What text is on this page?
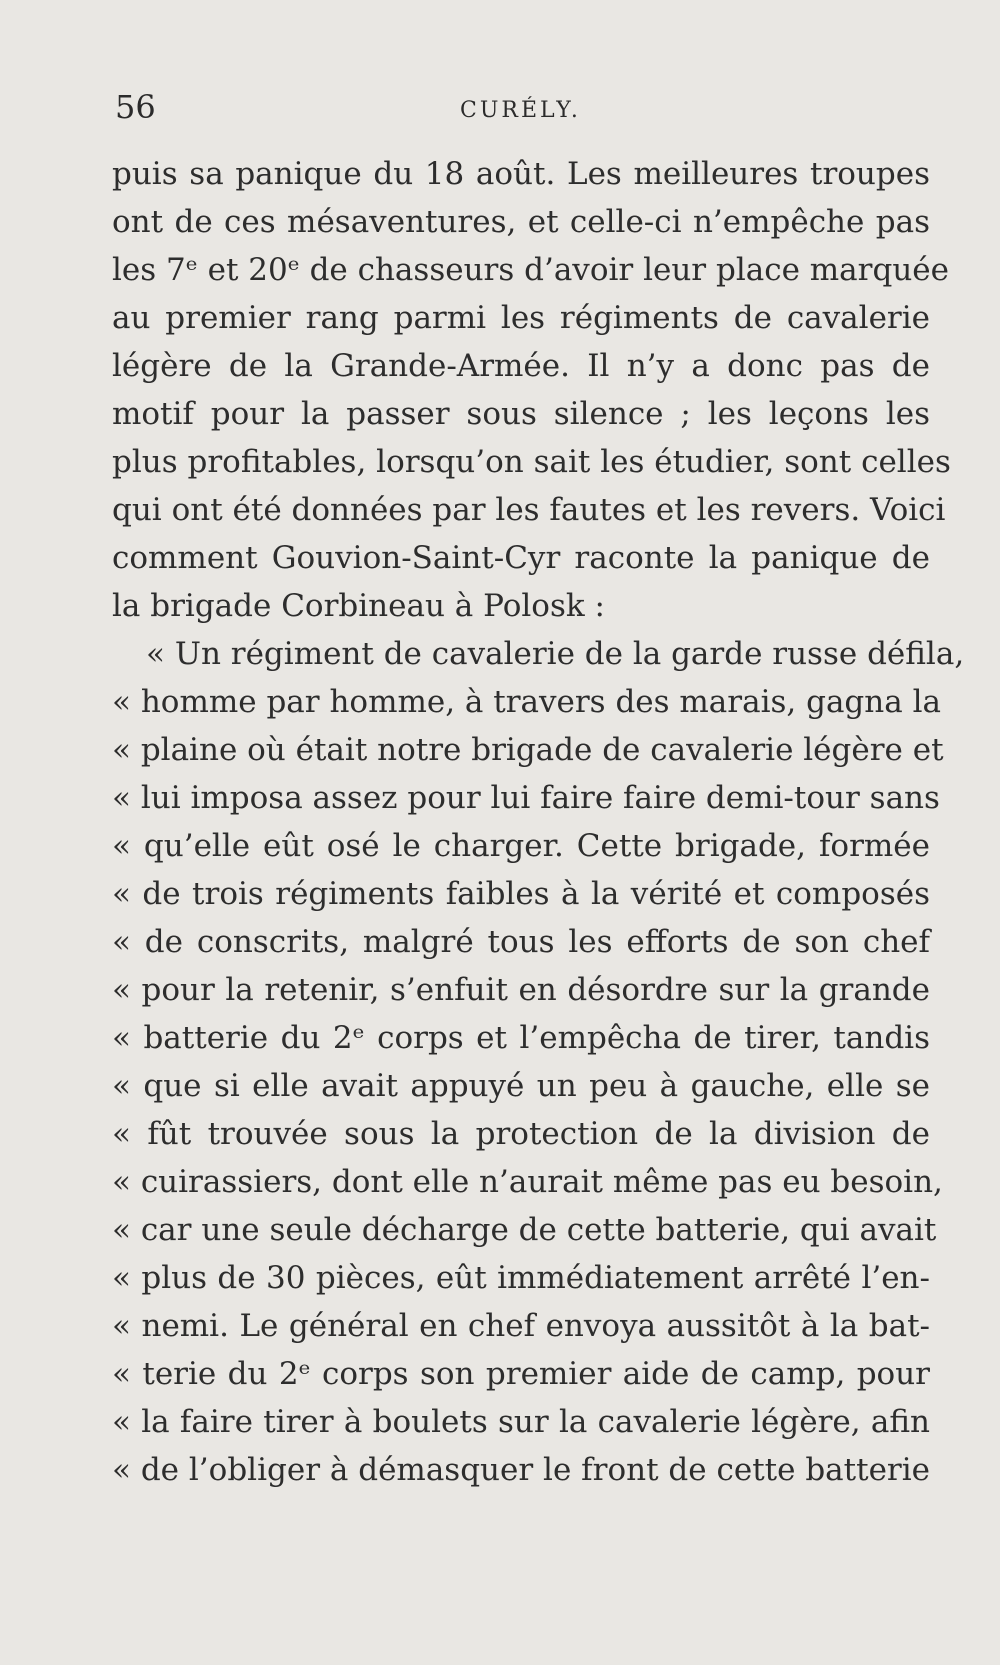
56	CURÉLY.
puis sa panique du 18 août. Les meilleures troupes
ont de ces mésaventures, et celle-ci n’empêche pas
les 7ᵉ et 20ᵉ de chasseurs d’avoir leur place marquée
au premier rang parmi les régiments de cavalerie
légère de la Grande-Armée. Il n’y a donc pas de
motif pour la passer sous silence ; les leçons les
plus profitables, lorsqu’on sait les étudier, sont celles
qui ont été données par les fautes et les revers. Voici
comment Gouvion-Saint-Cyr raconte la panique de
la brigade Corbineau à Polosk :
« Un régiment de cavalerie de la garde russe défila,
« homme par homme, à travers des marais, gagna la
« plaine où était notre brigade de cavalerie légère et
« lui imposa assez pour lui faire faire demi-tour sans
« qu’elle eût osé le charger. Cette brigade, formée
« de trois régiments faibles à la vérité et composés
« de conscrits, malgré tous les efforts de son chef
« pour la retenir, s’enfuit en désordre sur la grande
« batterie du 2ᵉ corps et l’empêcha de tirer, tandis
« que si elle avait appuyé un peu à gauche, elle se
« fût trouvée sous la protection de la division de
« cuirassiers, dont elle n’aurait même pas eu besoin,
« car une seule décharge de cette batterie, qui avait
« plus de 30 pièces, eût immédiatement arrêté l’en-
« nemi. Le général en chef envoya aussitôt à la bat-
« terie du 2ᵉ corps son premier aide de camp, pour
« la faire tirer à boulets sur la cavalerie légère, afin
« de l’obliger à démasquer le front de cette batterie
